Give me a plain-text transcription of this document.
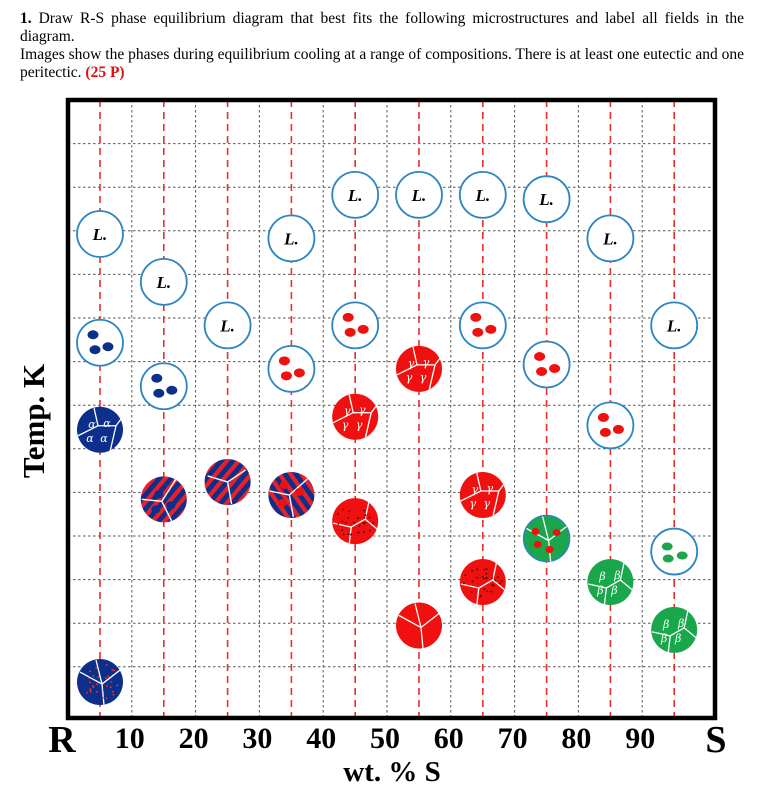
1. Draw R-S phase equilibrium diagram that best fits the following microstructures and label all fields in the diagram.

Images show the phases during equilibrium cooling at a range of compositions. There is at least one eutectic and one peritectic. (25 P)

L.
α α
α α
L.
L.
L.
L.
γ γ
γ γ
L.
γ γ
γ γ
L.
γ γ
γ γ
L.
L.
β β
β β
L.
β β
β β
Temp. K
R	S
10 20 30 40 50 60 70 80 90
wt. % S
